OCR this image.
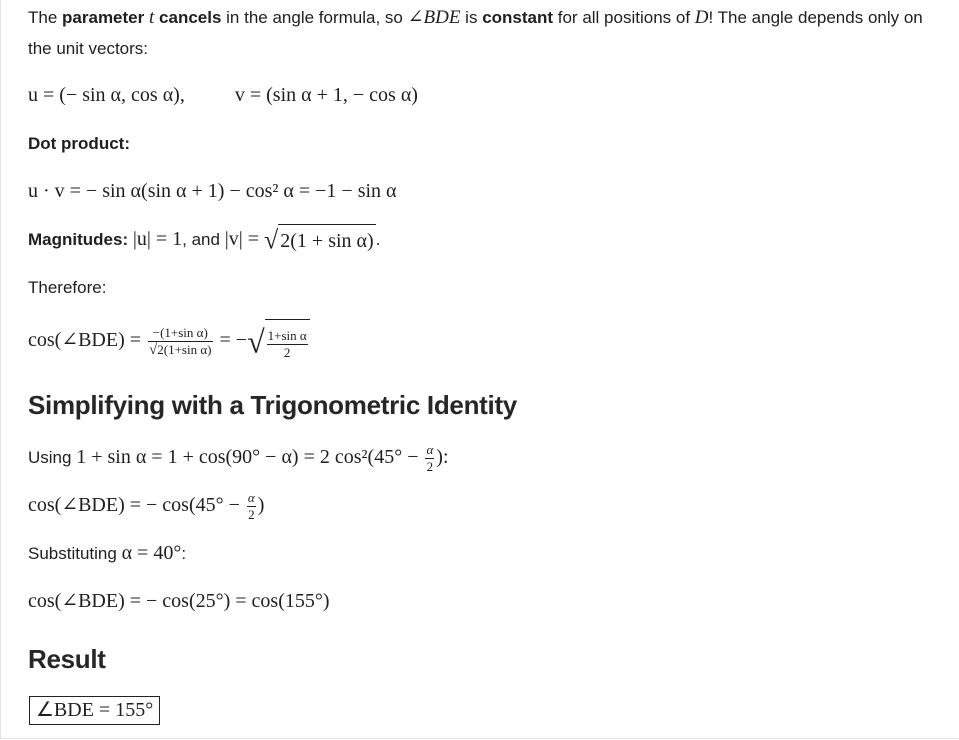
The parameter t cancels in the angle formula, so ∠BDE is constant for all positions of D! The angle depends only on the unit vectors:

u = (− sin α, cos α),	v = (sin α + 1, − cos α)

Dot product:

u · v = − sin α(sin α + 1) − cos² α = −1 − sin α
Magnitudes: |u| = 1, and |v| = √ 2(1 + sin α) .

Therefore:

cos(∠BDE) = $\frac{\text{−(1+sin α)}}{\text{√2(1+sin α)}}$ = −√ $\frac{\text{1+sin α}}{2}$
Simplifying with a Trigonometric Identity
Using 1 + sin α = 1 + cos(90° − α) = 2 $\cos^2(45^\circ - \frac{\alpha}{2}$ ):
cos(∠BDE) = − $\cos(45^\circ - \frac{\alpha}{2}$ )
Substituting α = 40°:
cos(∠BDE) = − cos(25°) = cos(155°)
Result
∠BDE = 155°
